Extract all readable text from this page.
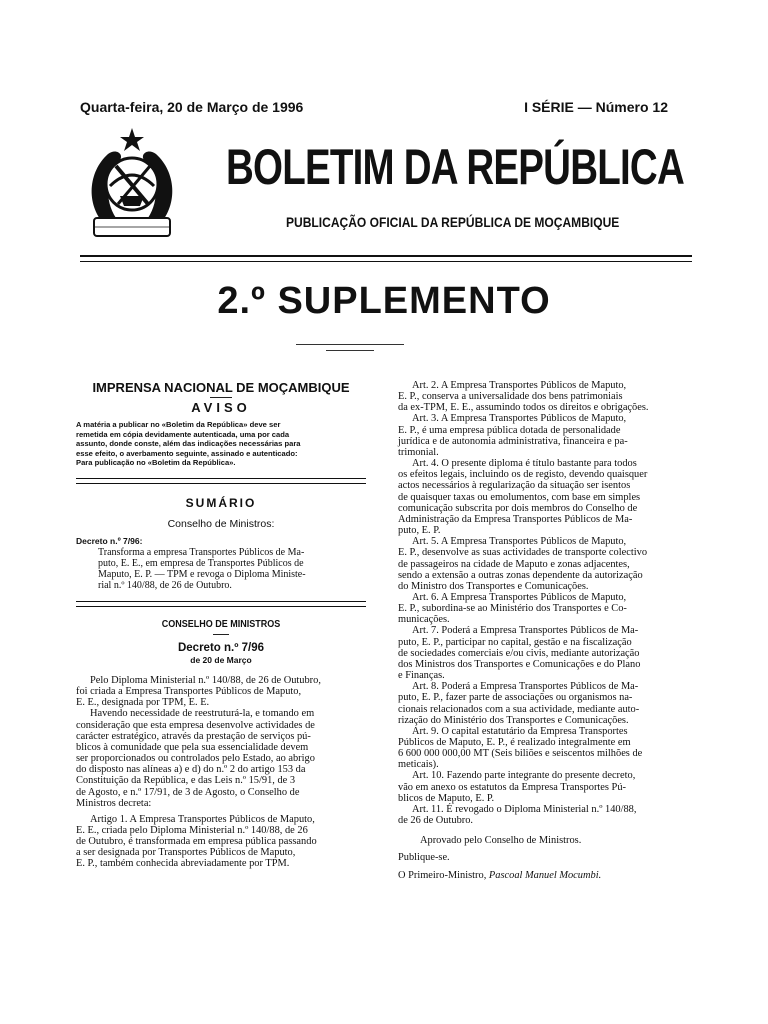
Quarta-feira, 20 de Março de 1996	I SÉRIE — Número 12
BOLETIM DA REPÚBLICA
PUBLICAÇÃO OFICIAL DA REPÚBLICA DE MOÇAMBIQUE
2.º SUPLEMENTO
IMPRENSA NACIONAL DE MOÇAMBIQUE
AVISO
A matéria a publicar no «Boletim da República» deve ser
remetida em cópia devidamente autenticada, uma por cada
assunto, donde conste, além das indicações necessárias para
esse efeito, o averbamento seguinte, assinado e autenticado:
Para publicação no «Boletim da República».
SUMÁRIO
Conselho de Ministros:
Decreto n.º 7/96:
Transforma a empresa Transportes Públicos de Ma-
puto, E. E., em empresa de Transportes Públicos de
Maputo, E. P. — TPM e revoga o Diploma Ministe-
rial n.º 140/88, de 26 de Outubro.
CONSELHO DE MINISTROS
Decreto n.º 7/96
de 20 de Março
Pelo Diploma Ministerial n.º 140/88, de 26 de Outubro,
foi criada a Empresa Transportes Públicos de Maputo,
E. E., designada por TPM, E. E.
Havendo necessidade de reestruturá-la, e tomando em
consideração que esta empresa desenvolve actividades de
carácter estratégico, através da prestação de serviços pú-
blicos à comunidade que pela sua essencialidade devem
ser proporcionados ou controlados pelo Estado, ao abrigo
do disposto nas alíneas a) e d) do n.º 2 do artigo 153 da
Constituição da República, e das Leis n.º 15/91, de 3
de Agosto, e n.º 17/91, de 3 de Agosto, o Conselho de
Ministros decreta:
Artigo 1. A Empresa Transportes Públicos de Maputo,
E. E., criada pelo Diploma Ministerial n.º 140/88, de 26
de Outubro, é transformada em empresa pública passando
a ser designada por Transportes Públicos de Maputo,
E. P., também conhecida abreviadamente por TPM.
Art. 2. A Empresa Transportes Públicos de Maputo,
E. P., conserva a universalidade dos bens patrimoniais
da ex-TPM, E. E., assumindo todos os direitos e obrigações.
Art. 3. A Empresa Transportes Públicos de Maputo,
E. P., é uma empresa pública dotada de personalidade
jurídica e de autonomia administrativa, financeira e pa-
trimonial.
Art. 4. O presente diploma é título bastante para todos
os efeitos legais, incluindo os de registo, devendo quaisquer
actos necessários à regularização da situação ser isentos
de quaisquer taxas ou emolumentos, com base em simples
comunicação subscrita por dois membros do Conselho de
Administração da Empresa Transportes Públicos de Ma-
puto, E. P.
Art. 5. A Empresa Transportes Públicos de Maputo,
E. P., desenvolve as suas actividades de transporte colectivo
de passageiros na cidade de Maputo e zonas adjacentes,
sendo a extensão a outras zonas dependente da autorização
do Ministro dos Transportes e Comunicações.
Art. 6. A Empresa Transportes Públicos de Maputo,
E. P., subordina-se ao Ministério dos Transportes e Co-
municações.
Art. 7. Poderá a Empresa Transportes Públicos de Ma-
puto, E. P., participar no capital, gestão e na fiscalização
de sociedades comerciais e/ou civis, mediante autorização
dos Ministros dos Transportes e Comunicações e do Plano
e Finanças.
Art. 8. Poderá a Empresa Transportes Públicos de Ma-
puto, E. P., fazer parte de associações ou organismos na-
cionais relacionados com a sua actividade, mediante auto-
rização do Ministério dos Transportes e Comunicações.
Art. 9. O capital estatutário da Empresa Transportes
Públicos de Maputo, E. P., é realizado integralmente em
6 600 000 000,00 MT (Seis biliões e seiscentos milhões de
meticais).
Art. 10. Fazendo parte integrante do presente decreto,
vão em anexo os estatutos da Empresa Transportes Pú-
blicos de Maputo, E. P.
Art. 11. É revogado o Diploma Ministerial n.º 140/88,
de 26 de Outubro.
Aprovado pelo Conselho de Ministros.
Publique-se.
O Primeiro-Ministro, Pascoal Manuel Mocumbi.
